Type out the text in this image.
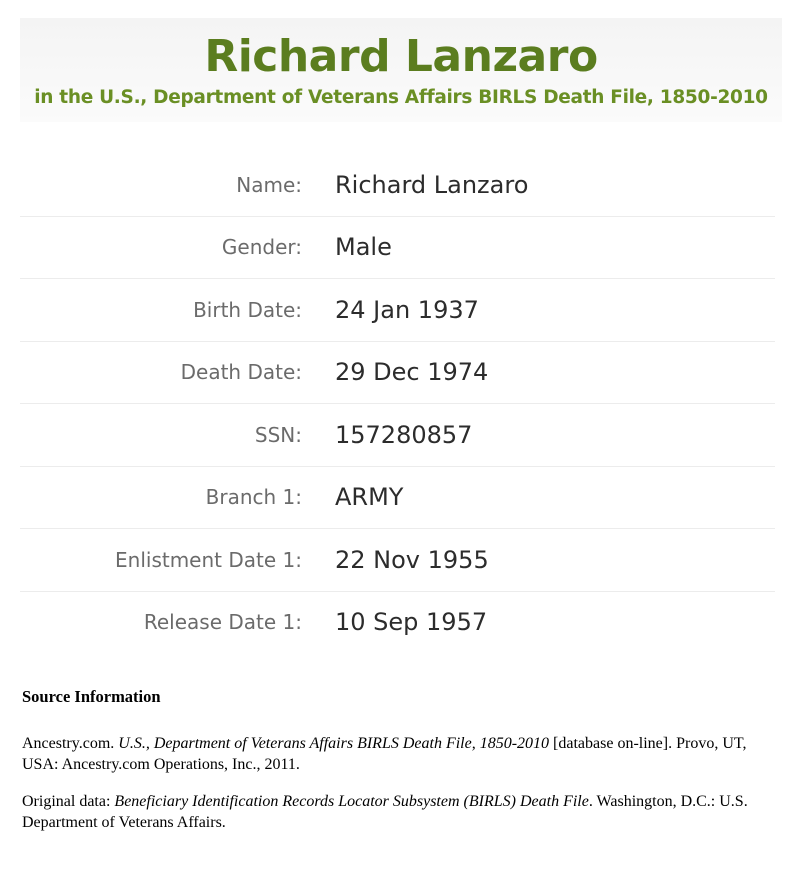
Richard Lanzaro
in the U.S., Department of Veterans Affairs BIRLS Death File, 1850-2010
Name: Richard Lanzaro
Gender: Male
Birth Date: 24 Jan 1937
Death Date: 29 Dec 1974
SSN: 157280857
Branch 1: ARMY
Enlistment Date 1: 22 Nov 1955
Release Date 1: 10 Sep 1957
Source Information

Ancestry.com. U.S., Department of Veterans Affairs BIRLS Death File, 1850-2010 [database on-line]. Provo, UT, USA: Ancestry.com Operations, Inc., 2011.

Original data: Beneficiary Identification Records Locator Subsystem (BIRLS) Death File. Washington, D.C.: U.S. Department of Veterans Affairs.
